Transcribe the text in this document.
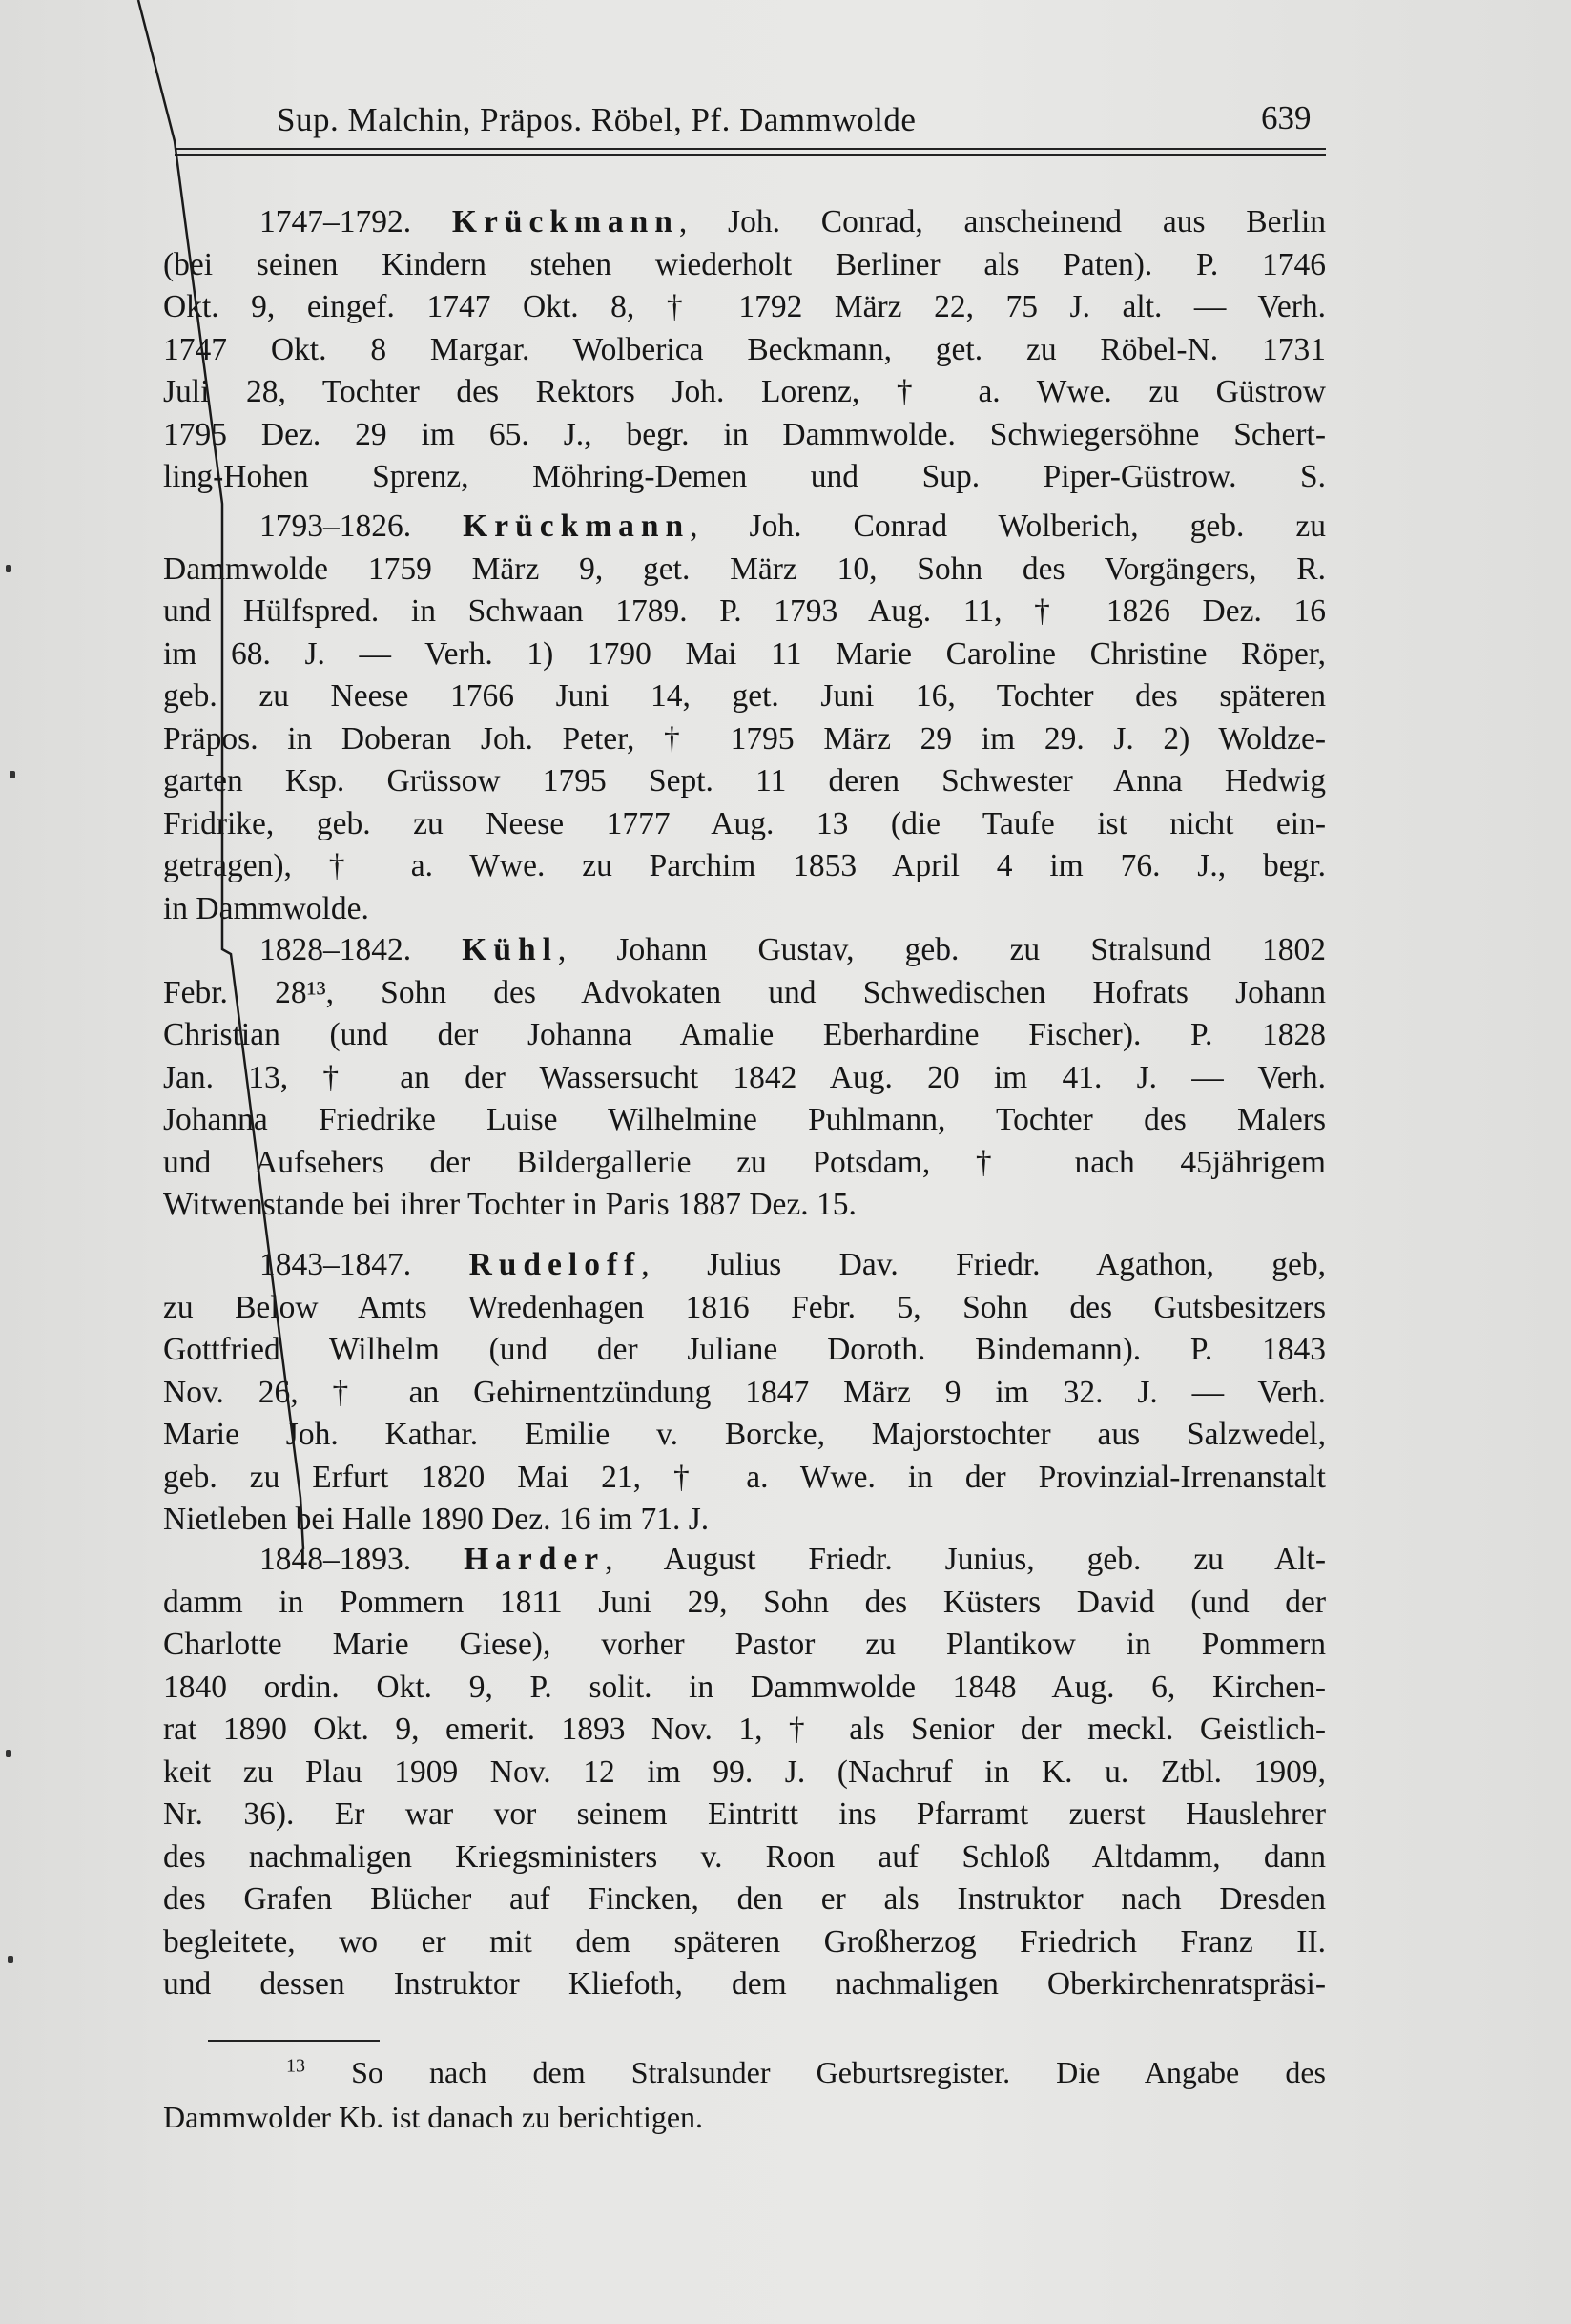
Sup. Malchin, Präpos. Röbel, Pf. Dammwolde	639
1747–1792. Krückmann, Joh. Conrad, anscheinend aus Berlin
(bei seinen Kindern stehen wiederholt Berliner als Paten). P. 1746
Okt. 9, eingef. 1747 Okt. 8, † 1792 März 22, 75 J. alt. — Verh.
1747 Okt. 8 Margar. Wolberica Beckmann, get. zu Röbel-N. 1731
Juli 28, Tochter des Rektors Joh. Lorenz, † a. Wwe. zu Güstrow
1795 Dez. 29 im 65. J., begr. in Dammwolde. Schwiegersöhne Schert-
ling-Hohen Sprenz, Möhring-Demen und Sup. Piper-Güstrow. S.
1793–1826. Krückmann, Joh. Conrad Wolberich, geb. zu
Dammwolde 1759 März 9, get. März 10, Sohn des Vorgängers, R.
und Hülfspred. in Schwaan 1789. P. 1793 Aug. 11, † 1826 Dez. 16
im 68. J. — Verh. 1) 1790 Mai 11 Marie Caroline Christine Röper,
geb. zu Neese 1766 Juni 14, get. Juni 16, Tochter des späteren
Präpos. in Doberan Joh. Peter, † 1795 März 29 im 29. J. 2) Woldze-
garten Ksp. Grüssow 1795 Sept. 11 deren Schwester Anna Hedwig
Fridrike, geb. zu Neese 1777 Aug. 13 (die Taufe ist nicht ein-
getragen), † a. Wwe. zu Parchim 1853 April 4 im 76. J., begr.
in Dammwolde.
1828–1842. Kühl, Johann Gustav, geb. zu Stralsund 1802
Febr. 28¹³, Sohn des Advokaten und Schwedischen Hofrats Johann
Christian (und der Johanna Amalie Eberhardine Fischer). P. 1828
Jan. 13, † an der Wassersucht 1842 Aug. 20 im 41. J. — Verh.
Johanna Friedrike Luise Wilhelmine Puhlmann, Tochter des Malers
und Aufsehers der Bildergallerie zu Potsdam, † nach 45jährigem
Witwenstande bei ihrer Tochter in Paris 1887 Dez. 15.
1843–1847. Rudeloff, Julius Dav. Friedr. Agathon, geb,
zu Below Amts Wredenhagen 1816 Febr. 5, Sohn des Gutsbesitzers
Gottfried Wilhelm (und der Juliane Doroth. Bindemann). P. 1843
Nov. 26, † an Gehirnentzündung 1847 März 9 im 32. J. — Verh.
Marie Joh. Kathar. Emilie v. Borcke, Majorstochter aus Salzwedel,
geb. zu Erfurt 1820 Mai 21, † a. Wwe. in der Provinzial-Irrenanstalt
Nietleben bei Halle 1890 Dez. 16 im 71. J.
1848–1893. Harder, August Friedr. Junius, geb. zu Alt-
damm in Pommern 1811 Juni 29, Sohn des Küsters David (und der
Charlotte Marie Giese), vorher Pastor zu Plantikow in Pommern
1840 ordin. Okt. 9, P. solit. in Dammwolde 1848 Aug. 6, Kirchen-
rat 1890 Okt. 9, emerit. 1893 Nov. 1, † als Senior der meckl. Geistlich-
keit zu Plau 1909 Nov. 12 im 99. J. (Nachruf in K. u. Ztbl. 1909,
Nr. 36). Er war vor seinem Eintritt ins Pfarramt zuerst Hauslehrer
des nachmaligen Kriegsministers v. Roon auf Schloß Altdamm, dann
des Grafen Blücher auf Fincken, den er als Instruktor nach Dresden
begleitete, wo er mit dem späteren Großherzog Friedrich Franz II.
und dessen Instruktor Kliefoth, dem nachmaligen Oberkirchenratspräsi-
$^{13}$ So nach dem Stralsunder Geburtsregister. Die Angabe des
Dammwolder Kb. ist danach zu berichtigen.
